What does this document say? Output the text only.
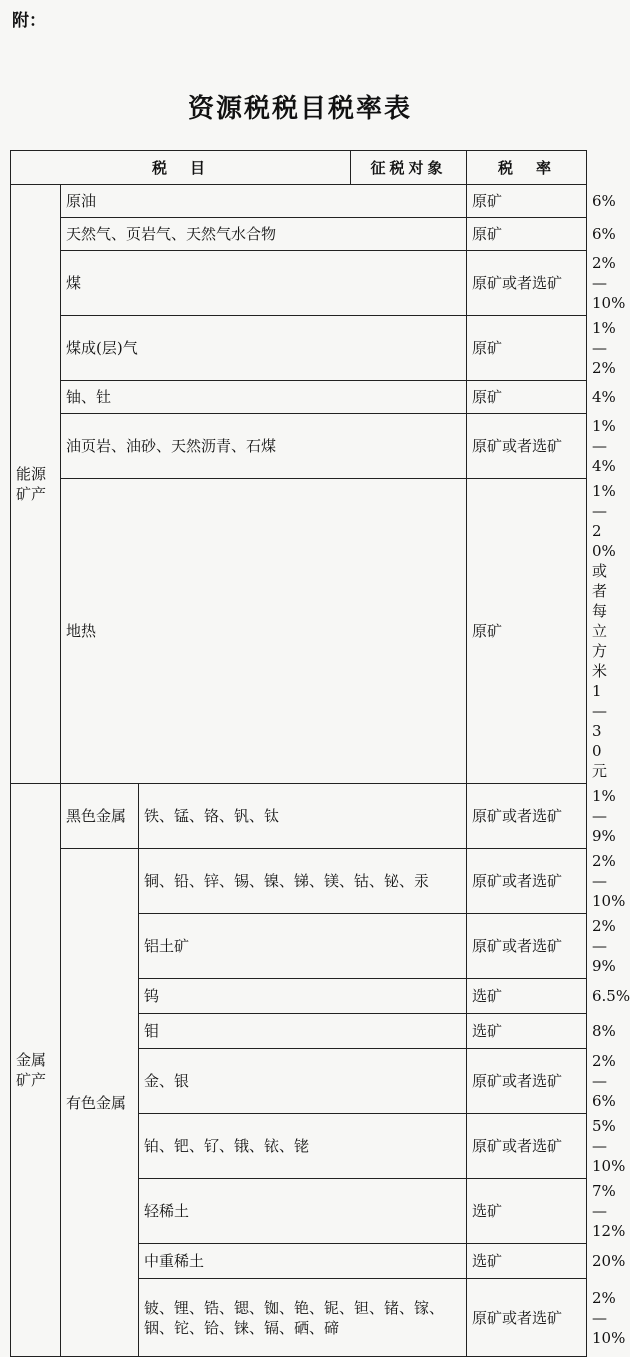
附：
资源税税目税率表
税　目			征税对象	税　率	
能源矿产	原油			原矿	6%
	天然气、页岩气、天然气水合物			原矿	6%
	煤			原矿或者选矿	2%—10%
	煤成(层)气			原矿	1%—2%
	铀、钍			原矿	4%
	油页岩、油砂、天然沥青、石煤			原矿或者选矿	1%—4%
	地热			原矿	1%—20%或者每立方米 1—30元
金属矿产	黑色金属	铁、锰、铬、钒、钛		原矿或者选矿	1%—9%
	有色金属	铜、铅、锌、锡、镍、锑、镁、钴、铋、汞		原矿或者选矿	2%—10%
		铝土矿		原矿或者选矿	2%—9%
		钨		选矿	6.5%
		钼		选矿	8%
		金、银		原矿或者选矿	2%—6%
		铂、钯、钌、锇、铱、铑		原矿或者选矿	5%—10%
		轻稀土		选矿	7%—12%
		中重稀土		选矿	20%
		铍、锂、锆、锶、铷、铯、铌、钽、锗、镓、铟、铊、铪、铼、镉、硒、碲		原矿或者选矿	2%—10%
